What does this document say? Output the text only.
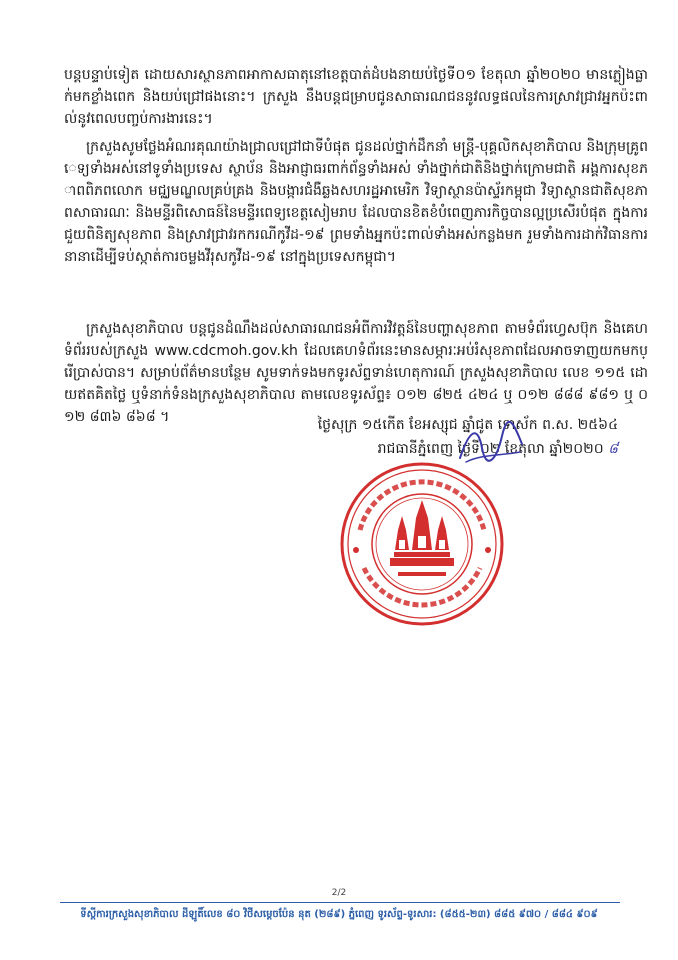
បន្តបន្ទាប់ទៀត ដោយសារស្ថានភាពអាកាសធាតុនៅខេត្តបាត់ដំបងនាយប់ថ្ងៃទី០១ ខែតុលា ឆ្នាំ២០២០ មានភ្លៀងធ្លាក់មកខ្លាំងពេក និងយប់ជ្រៅផងនោះ។ ក្រសួង នឹងបន្តជម្រាបជូនសាធារណជននូវលទ្ធផលនៃការស្រាវជ្រាវអ្នកប៉ះពាល់នូវពេលបញ្ចប់ការងារនេះ។

ក្រសួងសូមថ្លែងអំណរគុណយ៉ាងជ្រាលជ្រៅជាទីបំផុត ជូនដល់ថ្នាក់ដឹកនាំ មន្ត្រី-បុគ្គលិកសុខាភិបាល និងក្រុមគ្រូពេទ្យទាំងអស់នៅទូទាំងប្រទេស ស្ថាប័ន និងអាជ្ញាធរពាក់ព័ន្ធទាំងអស់ ទាំងថ្នាក់ជាតិនិងថ្នាក់ក្រោមជាតិ អង្គការសុខភាពពិភពលោក មជ្ឈមណ្ឌលគ្រប់គ្រង និងបង្ការជំងឺឆ្លងសហរដ្ឋអាមេរិក វិទ្យាស្ថានប៉ាស្ទ័រកម្ពុជា វិទ្យាស្ថានជាតិសុខភាពសាធារណៈ និងមន្ទីរពិសោធន៍នៃមន្ទីរពេទ្យខេត្តសៀមរាប ដែលបានខិតខំបំពេញភារកិច្ចបានល្អប្រសើរបំផុត ក្នុងការជួយពិនិត្យសុខភាព និងស្រាវជ្រាវរកករណីកូវីដ-១៩ ព្រមទាំងអ្នកប៉ះពាល់ទាំងអស់កន្លងមក រួមទាំងការដាក់វិធានការនានាដើម្បីទប់ស្កាត់ការចម្លងវីរុសកូវីដ-១៩ នៅក្នុងប្រទេសកម្ពុជា។

ក្រសួងសុខាភិបាល បន្តជូនដំណឹងដល់សាធារណជនអំពីការវិវត្តន៍នៃបញ្ហាសុខភាព តាមទំព័រហ្វេសប៊ុក និងគេហទំព័ររបស់ក្រសួង www.cdcmoh.gov.kh ដែលគេហទំព័រនេះមានសម្ភារៈអប់រំសុខភាពដែលអាចទាញយកមកប្រើប្រាស់បាន។ សម្រាប់ព័ត៌មានបន្ថែម សូមទាក់ទងមកទូរស័ព្ទទាន់ហេតុការណ៍ ក្រសួងសុខាភិបាល លេខ ១១៥ ដោយឥតគិតថ្លៃ ឬទំនាក់ទំនងក្រសួងសុខាភិបាល តាមលេខទូរស័ព្ទ៖ ០១២ ៨២៥ ៤២៤ ឬ ០១២ ៨៨៨ ៩៨១ ឬ ០១២ ៨៣៦ ៨៦៨ ។	ថ្ងៃសុក្រ ១៥កើត ខែអស្សុជ ឆ្នាំជូត ទោស័ក ព.ស. ២៥៦៤

រាជធានីភ្នំពេញ ថ្ងៃទី០២ ខែតុលា ឆ្នាំ២០២០ ៨

2/2
ទីស្តីការក្រសួងសុខាភិបាល ដីឡូតិ៍លេខ ៨០ វិថីសម្តេចប៉ែន នុត (២៨៩) ភ្នំពេញ ទូរស័ព្ទ-ទូរសារ: (៨៥៥-២៣) ៨៨៥ ៩៧០ / ៨៨៤ ៩០៩
